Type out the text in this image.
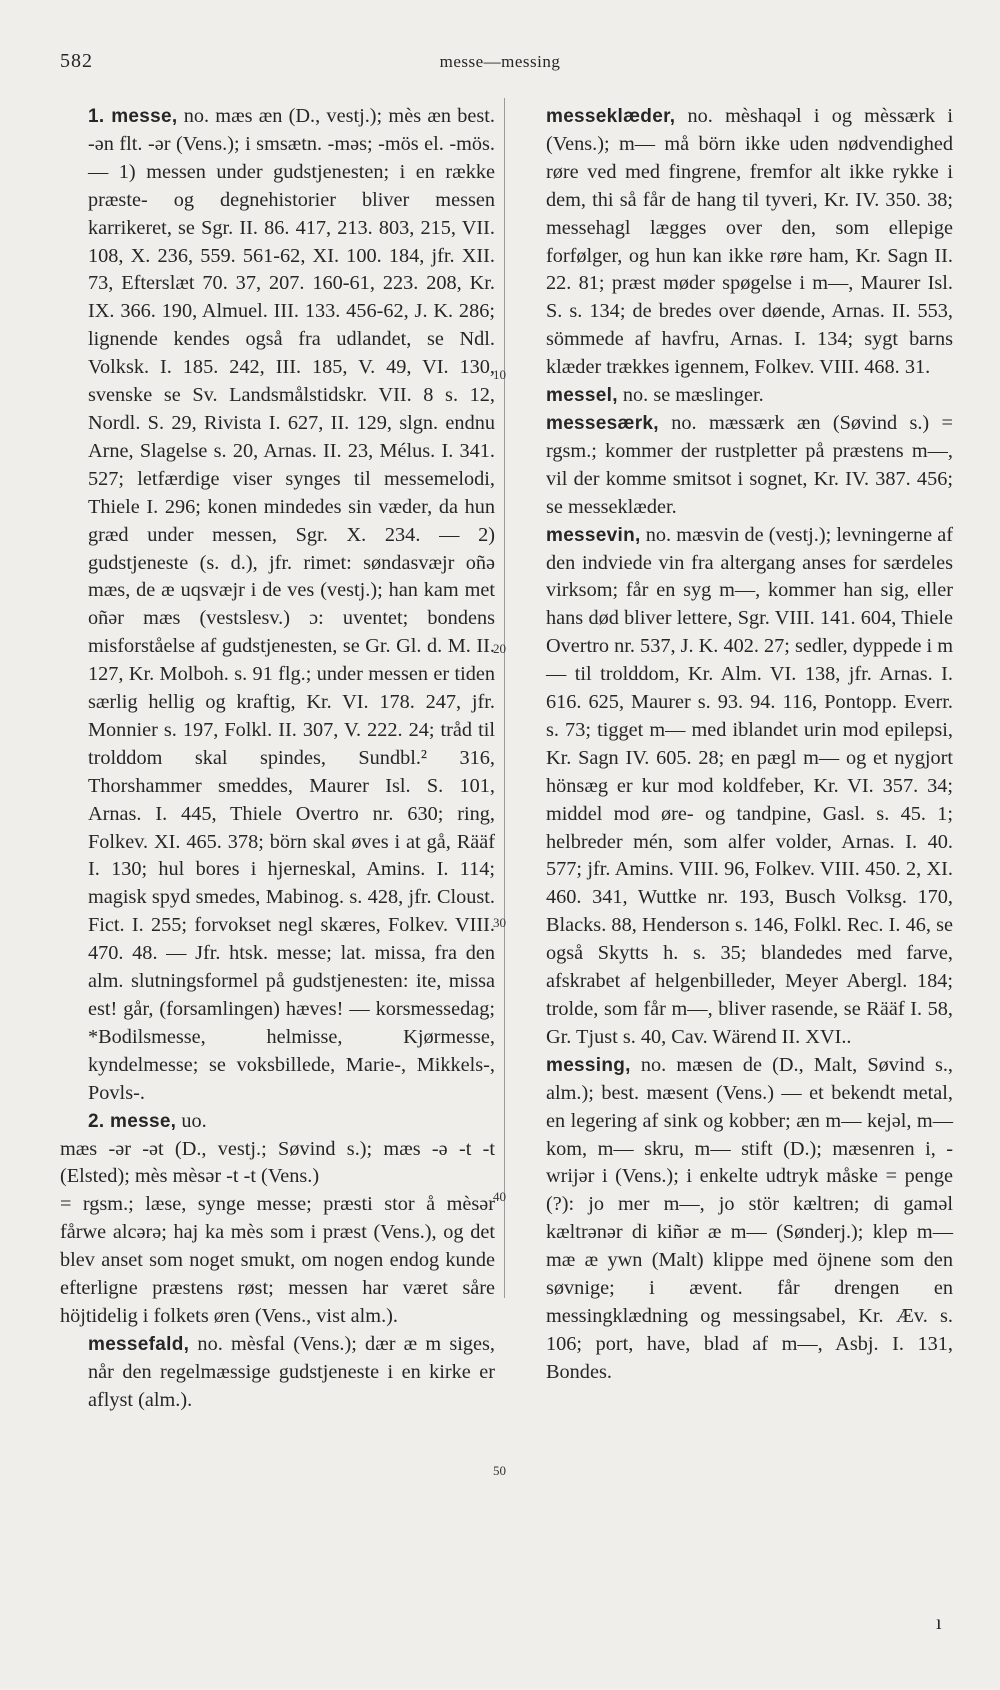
582	messe—messing
10
20
30
40
50

1. messe, no. mæs æn (D., vestj.); mès æn best. -ən flt. -ər (Vens.); i smsætn. -məs; -mös el. -mös. — 1) messen under gudstjenesten; i en række præste- og degnehistorier bliver messen karrikeret, se Sgr. II. 86. 417, 213. 803, 215, VII. 108, X. 236, 559. 561-62, XI. 100. 184, jfr. XII. 73, Efterslæt 70. 37, 207. 160-61, 223. 208, Kr. IX. 366. 190, Almuel. III. 133. 456-62, J. K. 286; lignende kendes også fra udlandet, se Ndl. Volksk. I. 185. 242, III. 185, V. 49, VI. 130, svenske se Sv. Landsmålstidskr. VII. 8 s. 12, Nordl. S. 29, Rivista I. 627, II. 129, slgn. endnu Arne, Slagelse s. 20, Arnas. II. 23, Mélus. I. 341. 527; letfærdige viser synges til messemelodi, Thiele I. 296; konen mindedes sin væder, da hun græd under messen, Sgr. X. 234. — 2) gudstjeneste (s. d.), jfr. rimet: søndasvæjr oñə mæs, de æ uqsvæjr i de ves (vestj.); han kam met oñər mæs (vestslesv.) ɔ: uventet; bondens misforståelse af gudstjenesten, se Gr. Gl. d. M. II. 127, Kr. Molboh. s. 91 flg.; under messen er tiden særlig hellig og kraftig, Kr. VI. 178. 247, jfr. Monnier s. 197, Folkl. II. 307, V. 222. 24; tråd til trolddom skal spindes, Sundbl.² 316, Thorshammer smeddes, Maurer Isl. S. 101, Arnas. I. 445, Thiele Overtro nr. 630; ring, Folkev. XI. 465. 378; börn skal øves i at gå, Rääf I. 130; hul bores i hjerneskal, Amins. I. 114; magisk spyd smedes, Mabinog. s. 428, jfr. Cloust. Fict. I. 255; forvokset negl skæres, Folkev. VIII. 470. 48. — Jfr. htsk. messe; lat. missa, fra den alm. slutningsformel på gudstjenesten: ite, missa est! går, (forsamlingen) hæves! — korsmessedag; *Bodilsmesse, helmisse, Kjørmesse, kyndelmesse; se voksbillede, Marie-, Mikkels-, Povls-.

2. messe, uo.

mæs -ər -ət (D., vestj.; Søvind s.); mæs -ə -t -t (Elsted); mès mèsər -t -t (Vens.)

= rgsm.; læse, synge messe; præsti stor å mèsər fårwe alcərə; haj ka mès som i præst (Vens.), og det blev anset som noget smukt, om nogen endog kunde efterligne præstens røst; messen har været såre höjtidelig i folkets øren (Vens., vist alm.).

messefald, no. mèsfal (Vens.); dær æ m siges, når den regelmæssige gudstjeneste i en kirke er aflyst (alm.).

messeklæder, no. mèshaqəl i og mèssærk i (Vens.); m— må börn ikke uden nødvendighed røre ved med fingrene, fremfor alt ikke rykke i dem, thi så får de hang til tyveri, Kr. IV. 350. 38; messehagl lægges over den, som ellepige forfølger, og hun kan ikke røre ham, Kr. Sagn II. 22. 81; præst møder spøgelse i m—, Maurer Isl. S. s. 134; de bredes over døende, Arnas. II. 553, sömmede af havfru, Arnas. I. 134; sygt barns klæder trækkes igennem, Folkev. VIII. 468. 31.

messel, no. se mæslinger.

messesærk, no. mæssærk æn (Søvind s.) = rgsm.; kommer der rustpletter på præstens m—, vil der komme smitsot i sognet, Kr. IV. 387. 456; se messeklæder.

messevin, no. mæsvin de (vestj.); levningerne af den indviede vin fra altergang anses for særdeles virksom; får en syg m—, kommer han sig, eller hans død bliver lettere, Sgr. VIII. 141. 604, Thiele Overtro nr. 537, J. K. 402. 27; sedler, dyppede i m— til trolddom, Kr. Alm. VI. 138, jfr. Arnas. I. 616. 625, Maurer s. 93. 94. 116, Pontopp. Everr. s. 73; tigget m— med iblandet urin mod epilepsi, Kr. Sagn IV. 605. 28; en pægl m— og et nygjort hönsæg er kur mod koldfeber, Kr. VI. 357. 34; middel mod øre- og tandpine, Gasl. s. 45. 1; helbreder mén, som alfer volder, Arnas. I. 40. 577; jfr. Amins. VIII. 96, Folkev. VIII. 450. 2, XI. 460. 341, Wuttke nr. 193, Busch Volksg. 170, Blacks. 88, Henderson s. 146, Folkl. Rec. I. 46, se også Skytts h. s. 35; blandedes med farve, afskrabet af helgenbilleder, Meyer Abergl. 184; trolde, som får m—, bliver rasende, se Rääf I. 58, Gr. Tjust s. 40, Cav. Wärend II. XVI..

messing, no. mæsen de (D., Malt, Søvind s., alm.); best. mæsent (Vens.) — et bekendt metal, en legering af sink og kobber; æn m— kejəl, m— kom, m— skru, m— stift (D.); mæsenren i, -wrijər i (Vens.); i enkelte udtryk måske = penge (?): jo mer m—, jo stör kæltren; di gaməl kæltrənər di kiñər æ m— (Sønderj.); klep m— mæ æ ywn (Malt) klippe med öjnene som den søvnige; i ævent. får drengen en messingklædning og messingsabel, Kr. Æv. s. 106; port, have, blad af m—, Asbj. I. 131, Bondes.

ı
